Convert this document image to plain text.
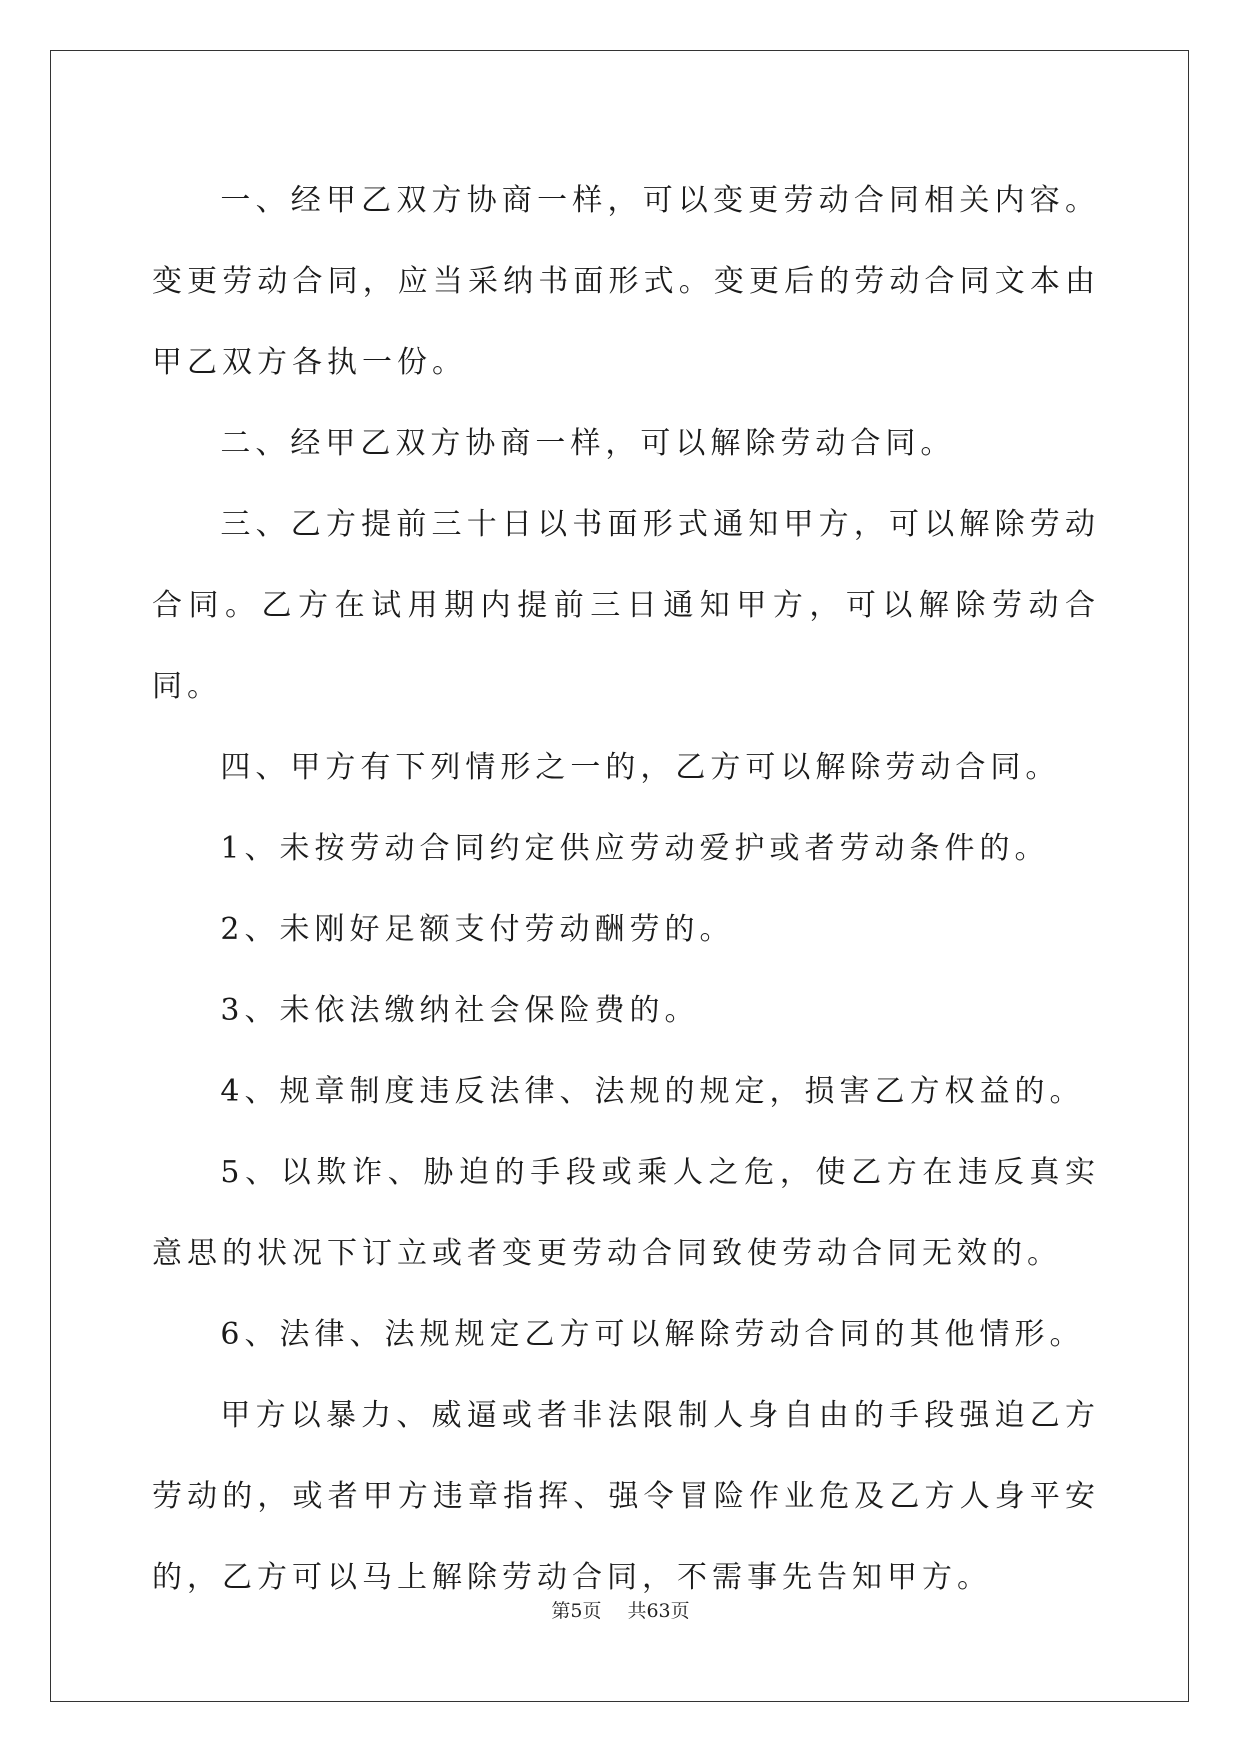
一、经甲乙双方协商一样，可以变更劳动合同相关内容。变更劳动合同，应当采纳书面形式。变更后的劳动合同文本由甲乙双方各执一份。

二、经甲乙双方协商一样，可以解除劳动合同。

三、乙方提前三十日以书面形式通知甲方，可以解除劳动合同。乙方在试用期内提前三日通知甲方，可以解除劳动合同。

四、甲方有下列情形之一的，乙方可以解除劳动合同。

1、未按劳动合同约定供应劳动爱护或者劳动条件的。

2、未刚好足额支付劳动酬劳的。

3、未依法缴纳社会保险费的。

4、规章制度违反法律、法规的规定，损害乙方权益的。

5、以欺诈、胁迫的手段或乘人之危，使乙方在违反真实意思的状况下订立或者变更劳动合同致使劳动合同无效的。

6、法律、法规规定乙方可以解除劳动合同的其他情形。

甲方以暴力、威逼或者非法限制人身自由的手段强迫乙方劳动的，或者甲方违章指挥、强令冒险作业危及乙方人身平安的，乙方可以马上解除劳动合同，不需事先告知甲方。

第5页 共63页
